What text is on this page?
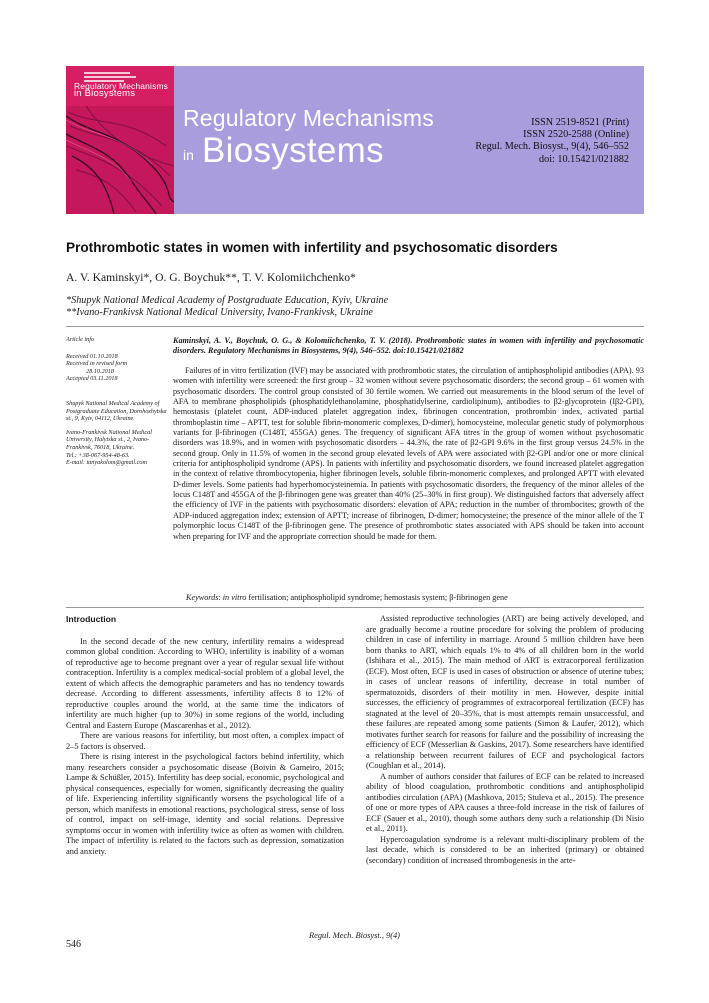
Regulatory Mechanisms
in Biosystems
Regulatory Mechanisms
in Biosystems
ISSN 2519-8521 (Print)
ISSN 2520-2588 (Online)
Regul. Mech. Biosyst., 9(4), 546–552
doi: 10.15421/021882
Prothrombotic states in women with infertility and psychosomatic disorders
A. V. Kaminskyi*, O. G. Boychuk**, T. V. Kolomiichchenko*
*Shupyk National Medical Academy of Postgraduate Education, Kyiv, Ukraine
**Ivano-Frankivsk National Medical University, Ivano-Frankivsk, Ukraine
Article info

Received 01.10.2018

Received in revised form

28.10.2018

Accepted 03.11.2018

Shupyk National Medical Academy of Postgraduate Education, Dorohozhytska st., 9, Kyiv, 04112, Ukraine.

Ivano-Frankivsk National Medical University, Halytska st., 2, Ivano-Frankivsk, 76018, Ukraine.

Tel.: +38-067-954-48-63.

E-mail: tanyakolom@gmail.com

Kaminskyi, A. V., Boychuk, O. G., & Kolomiichchenko, T. V. (2018). Prothrombotic states in women with infertility and psychosomatic disorders. Regulatory Mechanisms in Biosystems, 9(4), 546–552. doi:10.15421/021882

Failures of in vitro fertilization (IVF) may be associated with prothrombotic states, the circulation of antiphospholipid antibodies (APA). 93 women with infertility were screened: the first group – 32 women without severe psychosomatic disorders; the second group – 61 women with psychosomatic disorders. The control group consisted of 30 fertile women. We carried out measurements in the blood serum of the level of AFA to membrane phospholipids (phosphatidylethanolamine, phosphatidylserine, cardiolipinum), antibodies to β2-glycoprotein (Iβ2-GPI), hemostasis (platelet count, ADP-induced platelet aggregation index, fibrinogen concentration, prothrombin index, activated partial thromboplastin time – APTT, test for soluble fibrin-monomeric complexes, D-dimer), homocysteine, molecular genetic study of polymorphous variants for β-fibrinogen (C148T, 455GA) genes. The frequency of significant AFA titres in the group of women without psychosomatic disorders was 18.9%, and in women with psychosomatic disorders – 44.3%, the rate of β2-GPI 9.6% in the first group versus 24.5% in the second group. Only in 11.5% of women in the second group elevated levels of APA were associated with β2-GPI and/or one or more clinical criteria for antiphospholipid syndrome (APS). In patients with infertility and psychosomatic disorders, we found increased platelet aggregation in the context of relative thrombocytopenia, higher fibrinogen levels, soluble fibrin-monomeric complexes, and prolonged APTT with elevated D-dimer levels. Some patients had hyperhomocysteinemia. In patients with psychosomatic disorders, the frequency of the minor alleles of the locus C148T and 455GA of the β-fibrinogen gene was greater than 40% (25–30% in first group). We distinguished factors that adversely affect the efficiency of IVF in the patients with psychosomatic disorders: elevation of APA; reduction in the number of thrombocites; growth of the ADP-induced aggregation index; extension of APTT; increase of fibrinogen, D-dimer; homocysteine; the presence of the minor allele of the T polymorphic locus C148T of the β-fibrinogen gene. The presence of prothrombotic states associated with APS should be taken into account when preparing for IVF and the appropriate correction should be made for them.

Keywords: in vitro fertilisation; antiphospholipid syndrome; hemostasis system; β-fibrinogen gene
Introduction

In the second decade of the new century, infertility remains a widespread common global condition. According to WHO, infertility is inability of a woman of reproductive age to become pregnant over a year of regular sexual life without contraception. Infertility is a complex medical-social problem of a global level, the extent of which affects the demographic parameters and has no tendency towards decrease. According to different assessments, infertility affects 8 to 12% of reproductive couples around the world, at the same time the indicators of infertility are much higher (up to 30%) in some regions of the world, including Central and Eastern Europe (Mascarenhas et al., 2012).

There are various reasons for infertility, but most often, a complex impact of 2–5 factors is observed.

There is rising interest in the psychological factors behind infertility, which many researchers consider a psychosomatic disease (Boivin & Gameiro, 2015; Lampe & Schüßler, 2015). Infertility has deep social, economic, psychological and physical consequences, especially for women, significantly decreasing the quality of life. Experiencing infertility significantly worsens the psychological life of a person, which manifests in emotional reactions, psychological stress, sense of loss of control, impact on self-image, identity and social relations. Depressive symptoms occur in women with infertility twice as often as women with children. The impact of infertility is related to the factors such as depression, somatization and anxiety.

Assisted reproductive technologies (ART) are being actively developed, and are gradually become a routine procedure for solving the problem of producing children in case of infertility in marriage. Around 5 million children have been born thanks to ART, which equals 1% to 4% of all children born in the world (Ishihara et al., 2015). The main method of ART is extracorporeal fertilization (ECF). Most often, ECF is used in cases of obstruction or absence of uterine tubes; in cases of unclear reasons of infertility, decrease in total number of spermatozoids, disorders of their motility in men. However, despite initial successes, the efficiency of programmes of extracorporeal fertilization (ECF) has stagnated at the level of 20–35%, that is most attempts remain unsuccessful, and these failures are repeated among some patients (Simon & Laufer, 2012), which motivates further search for reasons for failure and the possibility of increasing the efficiency of ECF (Messerlian & Gaskins, 2017). Some researchers have identified a relationship between recurrent failures of ECF and psychological factors (Coughlan et al., 2014).

A number of authors consider that failures of ECF can be related to increased ability of blood coagulation, prothrombotic conditions and antiphospholipid antibodies circulation (APA) (Mashkova, 2015; Stuleva et al., 2015). The presence of one or more types of APA causes a three-fold increase in the risk of failures of ECF (Sauer et al., 2010), though some authors deny such a relationship (Di Nisio et al., 2011).

Hypercoagulation syndrome is a relevant multi-disciplinary problem of the last decade, which is considered to be an inherited (primary) or obtained (secondary) condition of increased thrombogenesis in the arte-

Regul. Mech. Biosyst., 9(4)
546
